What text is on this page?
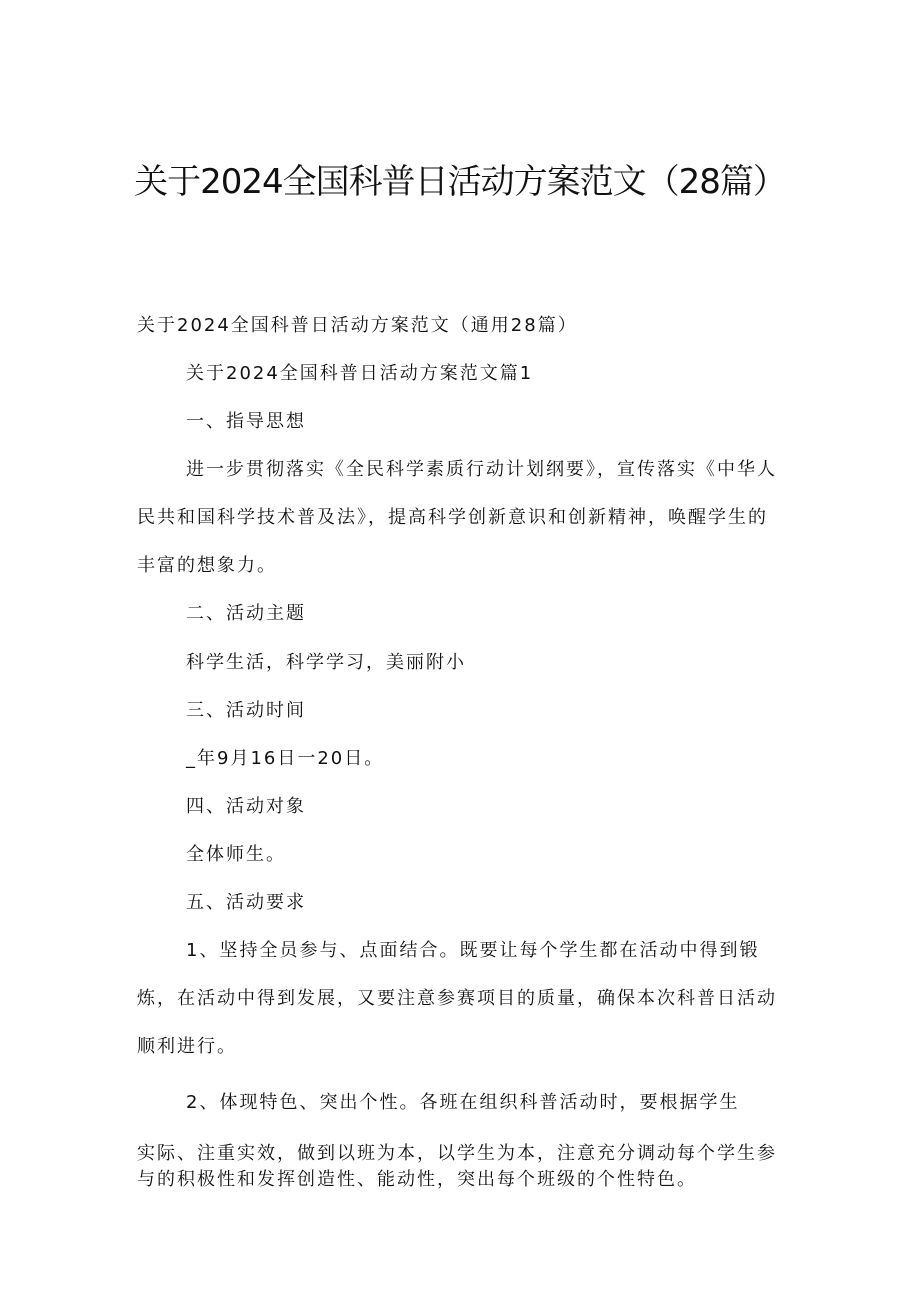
关于2024全国科普日活动方案范文（28篇）
关于2024全国科普日活动方案范文（通用28篇）
关于2024全国科普日活动方案范文篇1
一、指导思想
进一步贯彻落实《全民科学素质行动计划纲要》，宣传落实《中华人
民共和国科学技术普及法》，提高科学创新意识和创新精神，唤醒学生的
丰富的想象力。
二、活动主题
科学生活，科学学习，美丽附小
三、活动时间
_年9月16日一20日。
四、活动对象
全体师生。
五、活动要求
1、坚持全员参与、点面结合。既要让每个学生都在活动中得到锻
炼，在活动中得到发展，又要注意参赛项目的质量，确保本次科普日活动
顺利进行。
2、体现特色、突出个性。各班在组织科普活动时，要根据学生
实际、注重实效，做到以班为本，以学生为本，注意充分调动每个学生参
与的积极性和发挥创造性、能动性，突出每个班级的个性特色。
